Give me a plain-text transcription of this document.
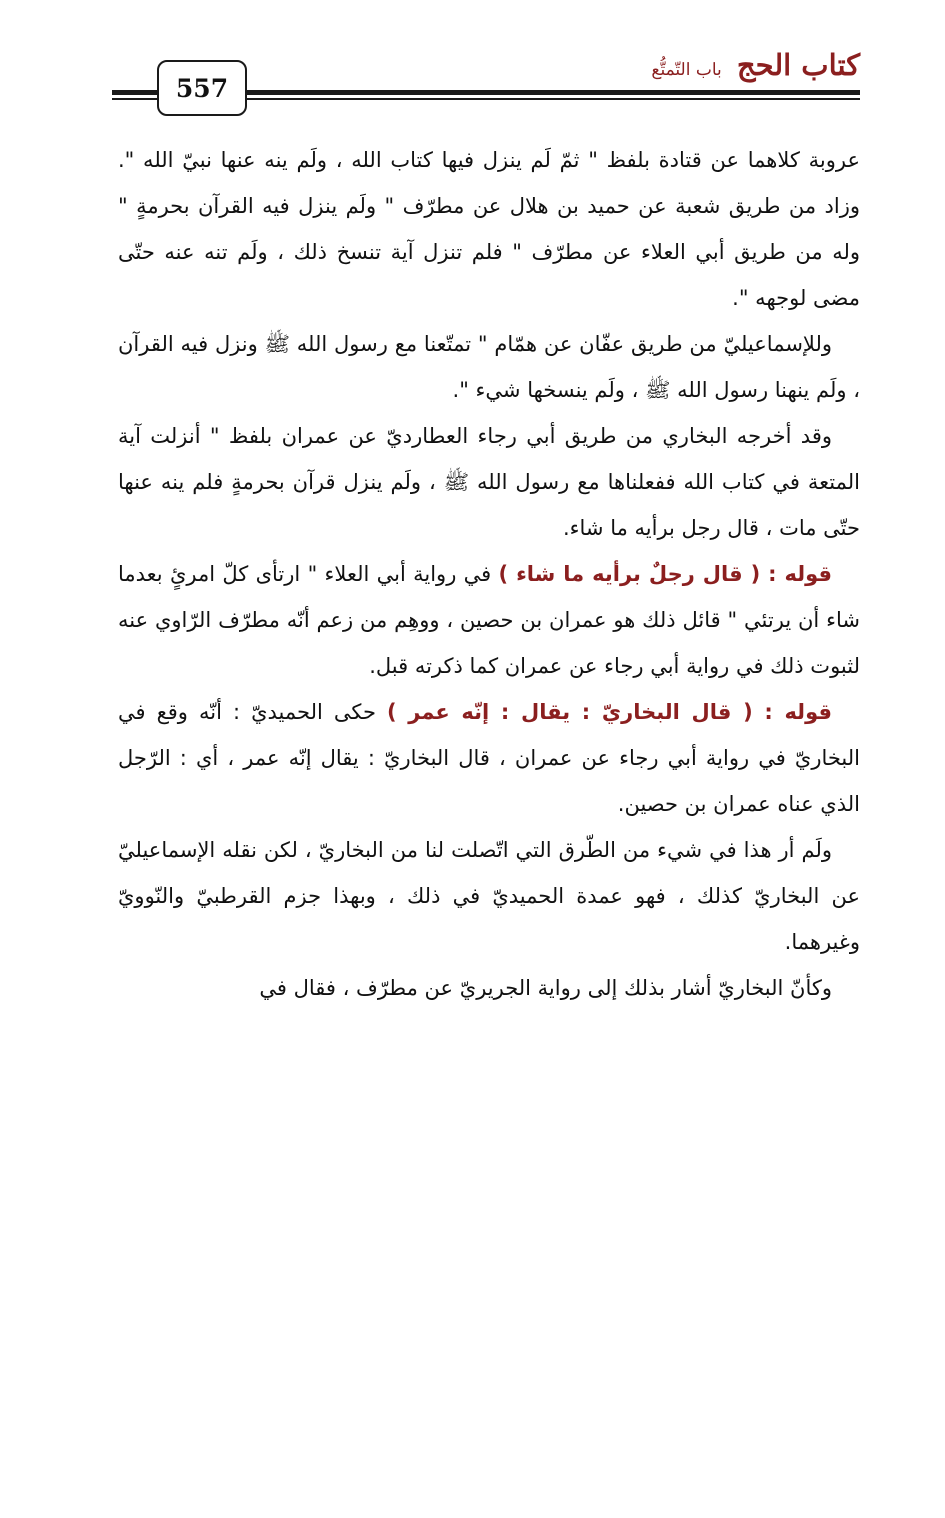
كتاب الحج باب التّمتُّع
557

عروبة كلاهما عن قتادة بلفظ " ثمّ لَم ينزل فيها كتاب الله ، ولَم ينه عنها نبيّ الله ". وزاد من طريق شعبة عن حميد بن هلال عن مطرّف " ولَم ينزل فيه القرآن بحرمةٍ " وله من طريق أبي العلاء عن مطرّف " فلم تنزل آية تنسخ ذلك ، ولَم تنه عنه حتّى مضى لوجهه ".

وللإسماعيليّ من طريق عفّان عن همّام " تمتّعنا مع رسول الله ﷺ ونزل فيه القرآن ، ولَم ينهنا رسول الله ﷺ ، ولَم ينسخها شيء ".

وقد أخرجه البخاري من طريق أبي رجاء العطارديّ عن عمران بلفظ " أنزلت آية المتعة في كتاب الله ففعلناها مع رسول الله ﷺ ، ولَم ينزل قرآن بحرمةٍ فلم ينه عنها حتّى مات ، قال رجل برأيه ما شاء.

قوله : ( قال رجلٌ برأيه ما شاء ) في رواية أبي العلاء " ارتأى كلّ امرئٍ بعدما شاء أن يرتئي " قائل ذلك هو عمران بن حصين ، ووهِم من زعم أنّه مطرّف الرّاوي عنه لثبوت ذلك في رواية أبي رجاء عن عمران كما ذكرته قبل.

قوله : ( قال البخاريّ : يقال : إنّه عمر ) حكى الحميديّ : أنّه وقع في البخاريّ في رواية أبي رجاء عن عمران ، قال البخاريّ : يقال إنّه عمر ، أي : الرّجل الذي عناه عمران بن حصين.

ولَم أر هذا في شيء من الطّرق التي اتّصلت لنا من البخاريّ ، لكن نقله الإسماعيليّ عن البخاريّ كذلك ، فهو عمدة الحميديّ في ذلك ، وبهذا جزم القرطبيّ والنّوويّ وغيرهما.

وكأنّ البخاريّ أشار بذلك إلى رواية الجريريّ عن مطرّف ، فقال في
